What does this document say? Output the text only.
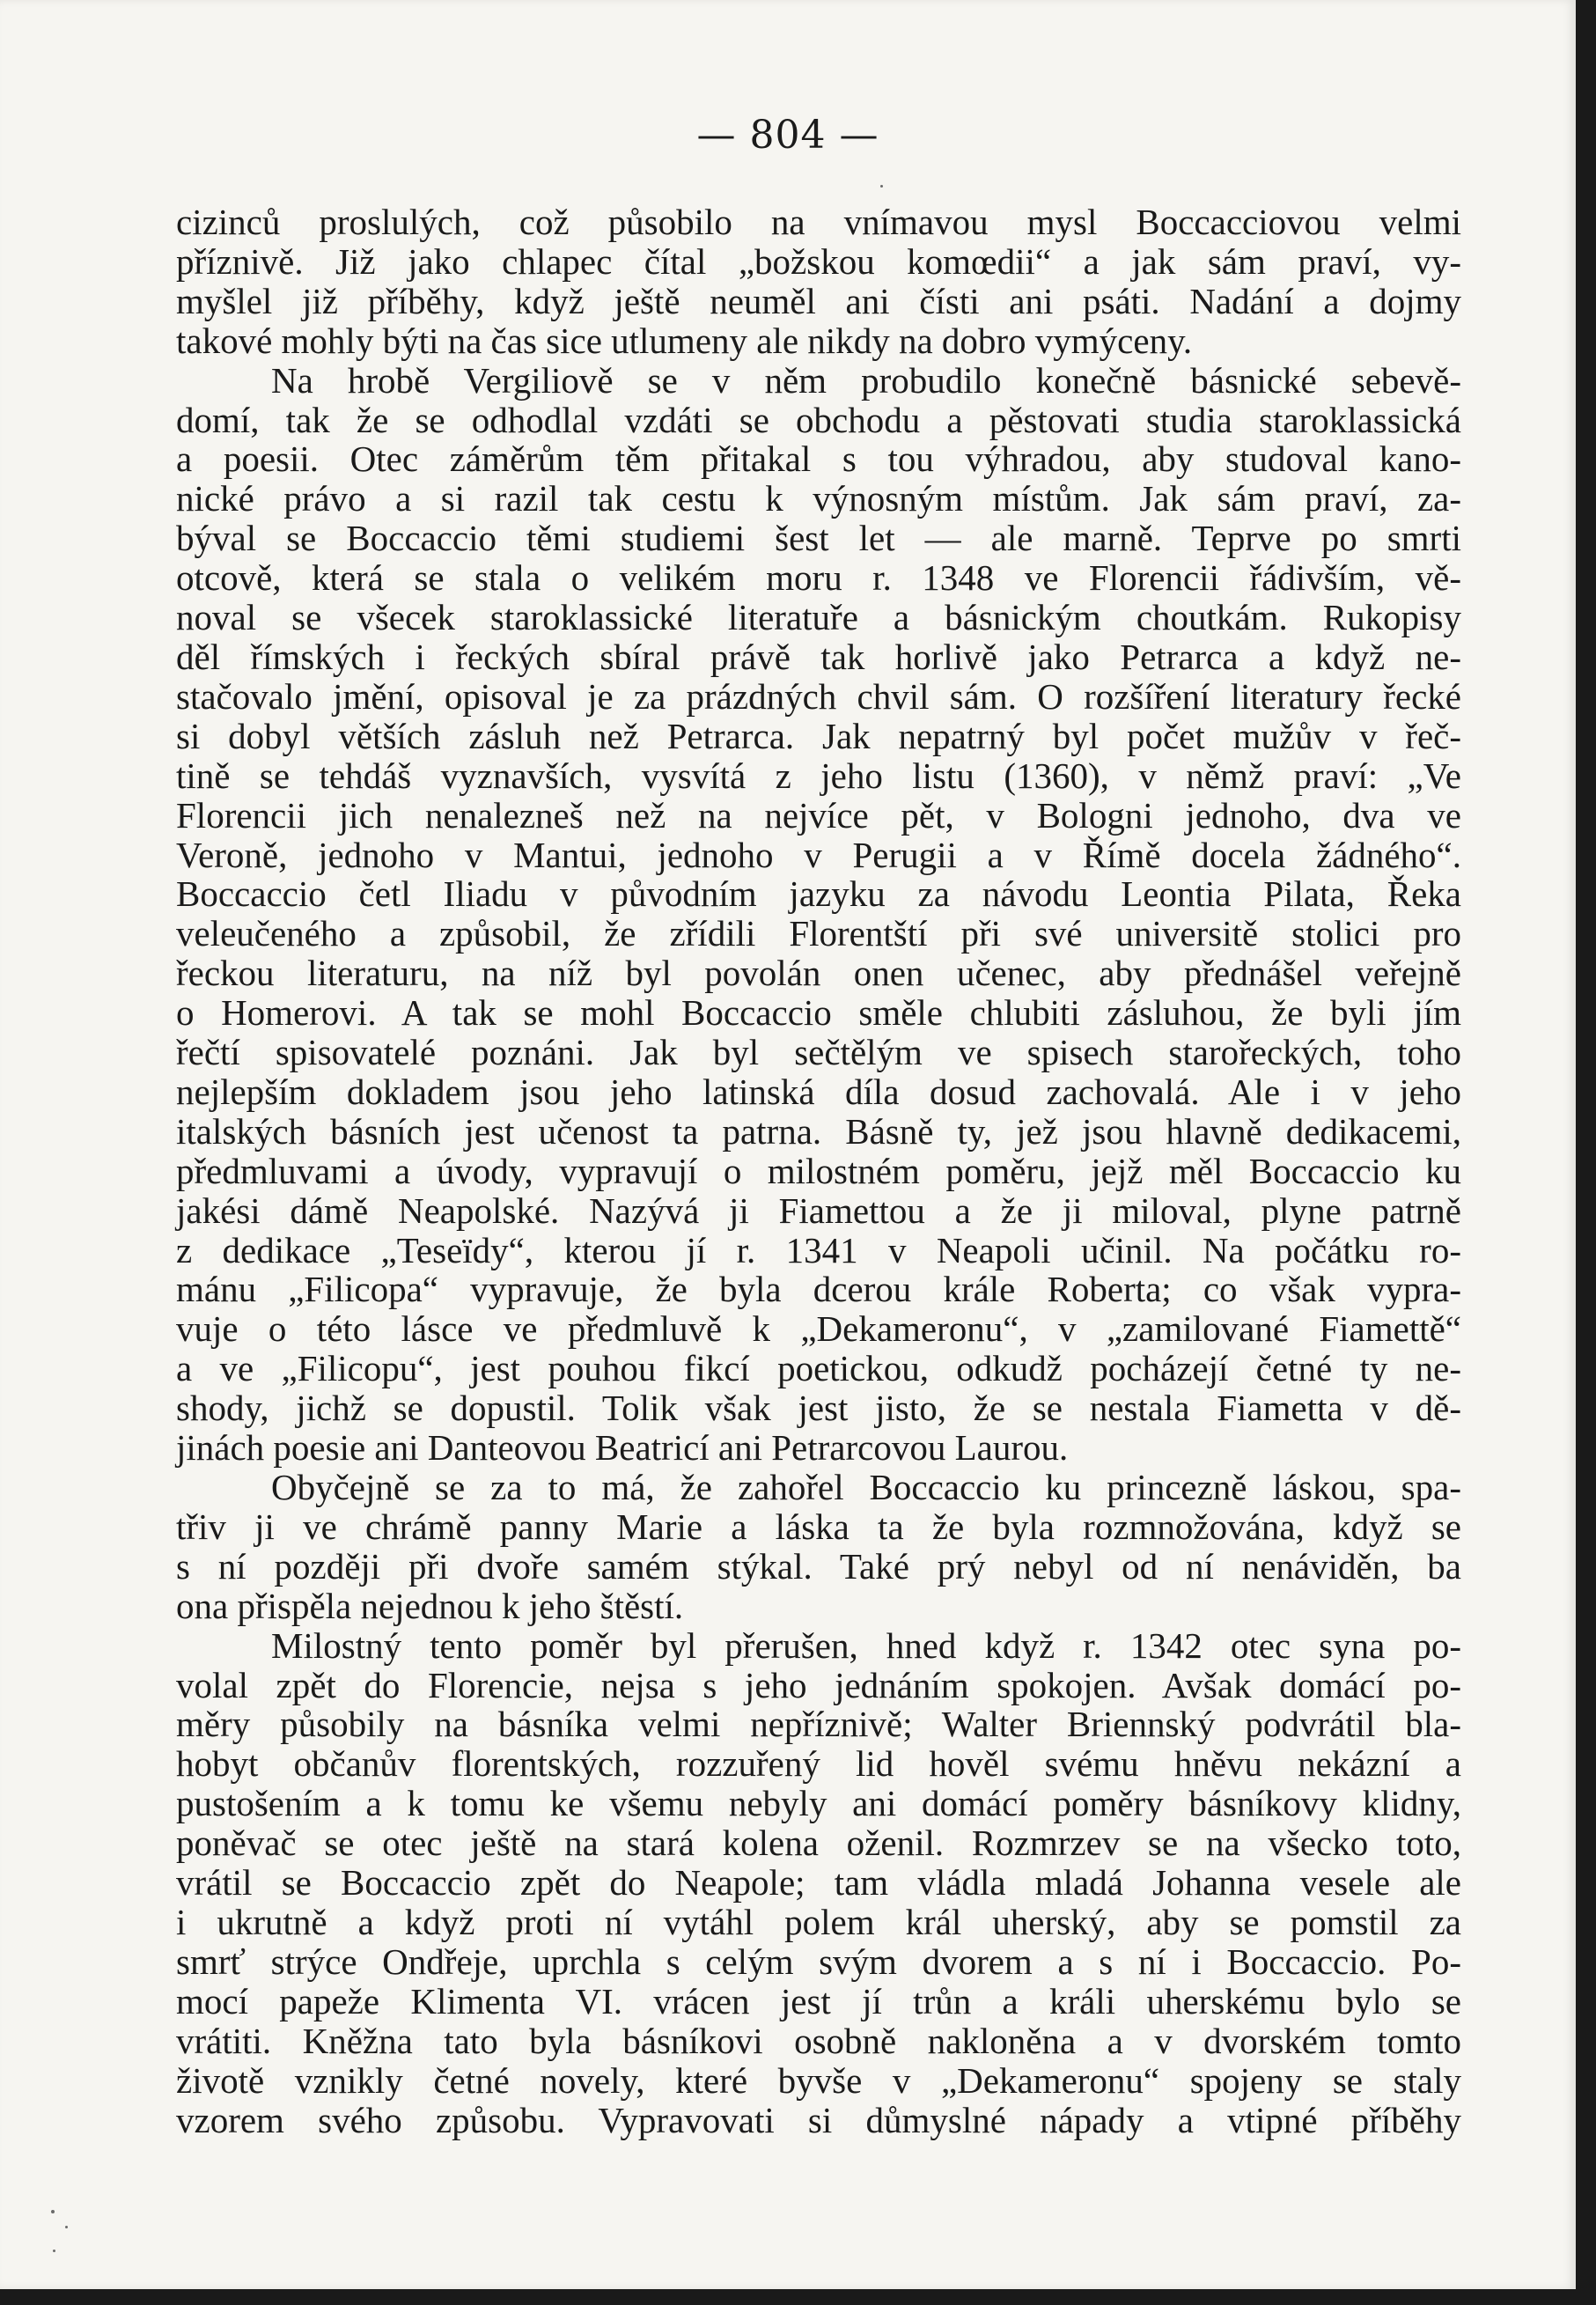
— 804 —
cizinců proslulých, což působilo na vnímavou mysl Boccacciovou velmi
příznivě. Již jako chlapec čítal „božskou komœdii“ a jak sám praví, vy-
myšlel již příběhy, když ještě neuměl ani čísti ani psáti. Nadání a dojmy
takové mohly býti na čas sice utlumeny ale nikdy na dobro vymýceny.
Na hrobě Vergiliově se v něm probudilo konečně básnické sebevě-
domí, tak že se odhodlal vzdáti se obchodu a pěstovati studia staroklassická
a poesii. Otec záměrům těm přitakal s tou výhradou, aby studoval kano-
nické právo a si razil tak cestu k výnosným místům. Jak sám praví, za-
býval se Boccaccio těmi studiemi šest let — ale marně. Teprve po smrti
otcově, která se stala o velikém moru r. 1348 ve Florencii řádivším, vě-
noval se všecek staroklassické literatuře a básnickým choutkám. Rukopisy
děl římských i řeckých sbíral právě tak horlivě jako Petrarca a když ne-
stačovalo jmění, opisoval je za prázdných chvil sám. O rozšíření literatury řecké
si dobyl větších zásluh než Petrarca. Jak nepatrný byl počet mužův v řeč-
tině se tehdáš vyznavších, vysvítá z jeho listu (1360), v němž praví: „Ve
Florencii jich nenalezneš než na nejvíce pět, v Bologni jednoho, dva ve
Veroně, jednoho v Mantui, jednoho v Perugii a v Římě docela žádného“.
Boccaccio četl Iliadu v původním jazyku za návodu Leontia Pilata, Řeka
veleučeného a způsobil, že zřídili Florentští při své universitě stolici pro
řeckou literaturu, na níž byl povolán onen učenec, aby přednášel veřejně
o Homerovi. A tak se mohl Boccaccio směle chlubiti zásluhou, že byli jím
řečtí spisovatelé poznáni. Jak byl sečtělým ve spisech starořeckých, toho
nejlepším dokladem jsou jeho latinská díla dosud zachovalá. Ale i v jeho
italských básních jest učenost ta patrna. Básně ty, jež jsou hlavně dedikacemi,
předmluvami a úvody, vypravují o milostném poměru, jejž měl Boccaccio ku
jakési dámě Neapolské. Nazývá ji Fiamettou a že ji miloval, plyne patrně
z dedikace „Teseïdy“, kterou jí r. 1341 v Neapoli učinil. Na počátku ro-
mánu „Filicopa“ vypravuje, že byla dcerou krále Roberta; co však vypra-
vuje o této lásce ve předmluvě k „Dekameronu“, v „zamilované Fiamettě“
a ve „Filicopu“, jest pouhou fikcí poetickou, odkudž pocházejí četné ty ne-
shody, jichž se dopustil. Tolik však jest jisto, že se nestala Fiametta v dě-
jinách poesie ani Danteovou Beatricí ani Petrarcovou Laurou.
Obyčejně se za to má, že zahořel Boccaccio ku princezně láskou, spa-
třiv ji ve chrámě panny Marie a láska ta že byla rozmnožována, když se
s ní později při dvoře samém stýkal. Také prý nebyl od ní nenáviděn, ba
ona přispěla nejednou k jeho štěstí.
Milostný tento poměr byl přerušen, hned když r. 1342 otec syna po-
volal zpět do Florencie, nejsa s jeho jednáním spokojen. Avšak domácí po-
měry působily na básníka velmi nepříznivě; Walter Briennský podvrátil bla-
hobyt občanův florentských, rozzuřený lid hověl svému hněvu nekázní a
pustošením a k tomu ke všemu nebyly ani domácí poměry básníkovy klidny,
poněvač se otec ještě na stará kolena oženil. Rozmrzev se na všecko toto,
vrátil se Boccaccio zpět do Neapole; tam vládla mladá Johanna vesele ale
i ukrutně a když proti ní vytáhl polem král uherský, aby se pomstil za
smrť strýce Ondřeje, uprchla s celým svým dvorem a s ní i Boccaccio. Po-
mocí papeže Klimenta VI. vrácen jest jí trůn a králi uherskému bylo se
vrátiti. Kněžna tato byla básníkovi osobně nakloněna a v dvorském tomto
životě vznikly četné novely, které byvše v „Dekameronu“ spojeny se staly
vzorem svého způsobu. Vypravovati si důmyslné nápady a vtipné příběhy
